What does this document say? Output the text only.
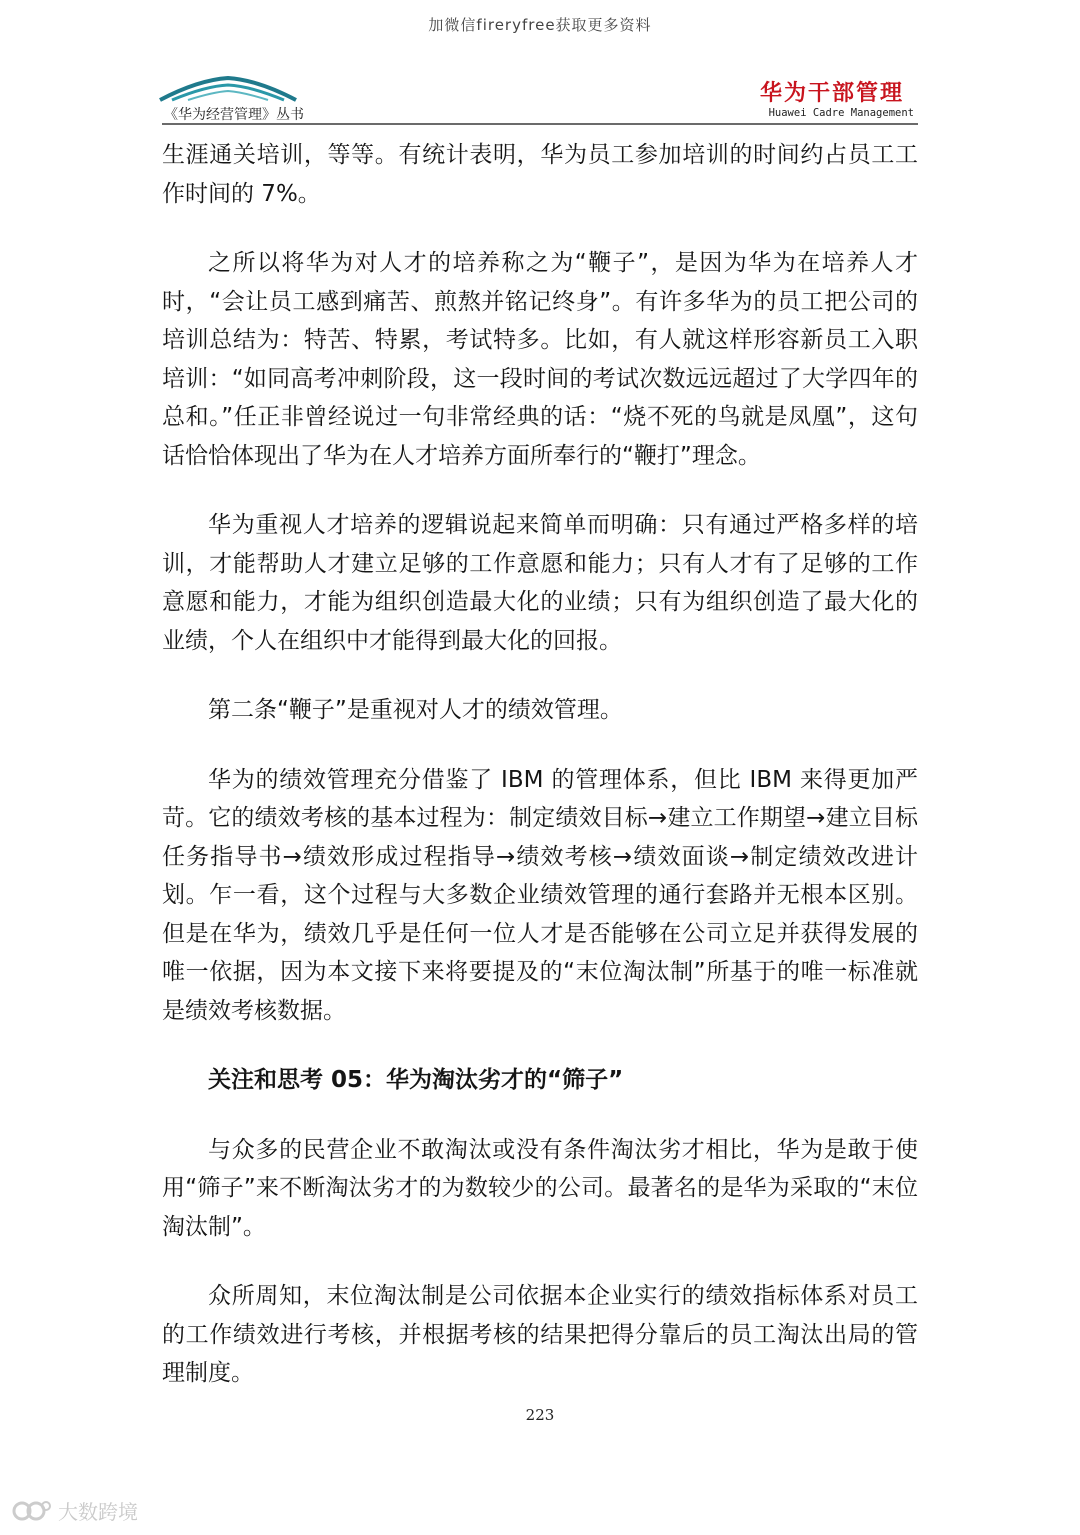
加微信fireryfree获取更多资料
《华为经营管理》丛书
华为干部管理
Huawei Cadre Management

生涯通关培训，等等。有统计表明，华为员工参加培训的时间约占员工工作时间的 7%。

之所以将华为对人才的培养称之为“鞭子”，是因为华为在培养人才时，“会让员工感到痛苦、煎熬并铭记终身”。有许多华为的员工把公司的培训总结为：特苦、特累，考试特多。比如，有人就这样形容新员工入职培训：“如同高考冲刺阶段，这一段时间的考试次数远远超过了大学四年的总和。”任正非曾经说过一句非常经典的话：“烧不死的鸟就是凤凰”，这句话恰恰体现出了华为在人才培养方面所奉行的“鞭打”理念。

华为重视人才培养的逻辑说起来简单而明确：只有通过严格多样的培训，才能帮助人才建立足够的工作意愿和能力；只有人才有了足够的工作意愿和能力，才能为组织创造最大化的业绩；只有为组织创造了最大化的业绩，个人在组织中才能得到最大化的回报。

第二条“鞭子”是重视对人才的绩效管理。

华为的绩效管理充分借鉴了 IBM 的管理体系，但比 IBM 来得更加严苛。它的绩效考核的基本过程为：制定绩效目标→建立工作期望→建立目标任务指导书→绩效形成过程指导→绩效考核→绩效面谈→制定绩效改进计划。乍一看，这个过程与大多数企业绩效管理的通行套路并无根本区别。但是在华为，绩效几乎是任何一位人才是否能够在公司立足并获得发展的唯一依据，因为本文接下来将要提及的“末位淘汰制”所基于的唯一标准就是绩效考核数据。

关注和思考 05：华为淘汰劣才的“筛子”

与众多的民营企业不敢淘汰或没有条件淘汰劣才相比，华为是敢于使用“筛子”来不断淘汰劣才的为数较少的公司。最著名的是华为采取的“末位淘汰制”。

众所周知，末位淘汰制是公司依据本企业实行的绩效指标体系对员工的工作绩效进行考核，并根据考核的结果把得分靠后的员工淘汰出局的管理制度。

223
大数跨境
